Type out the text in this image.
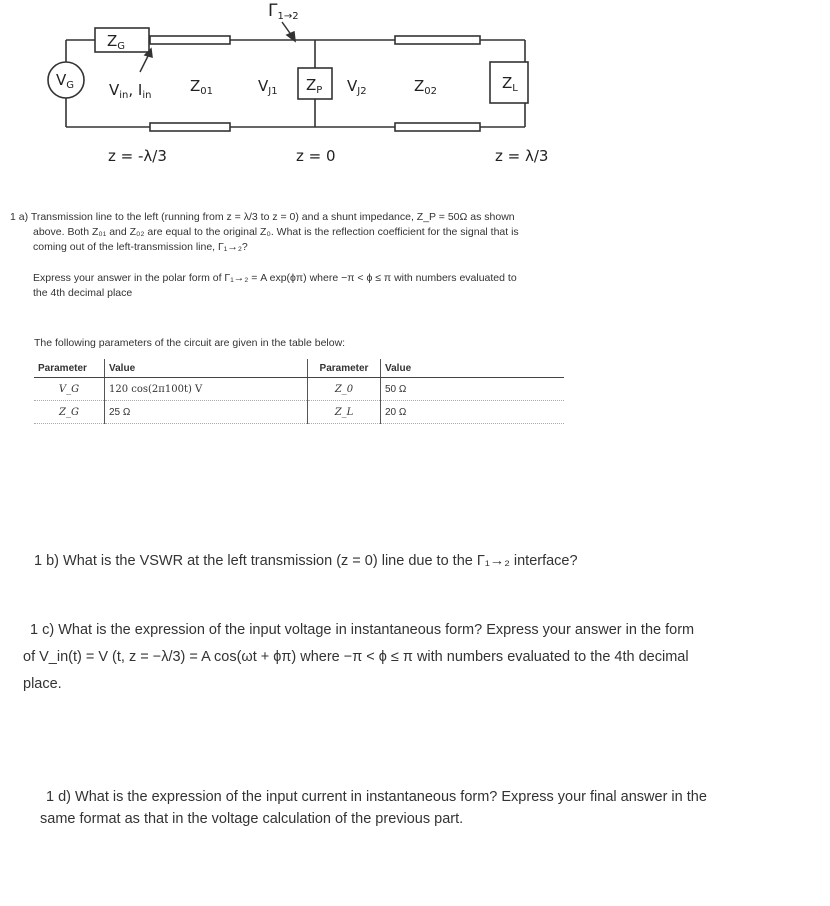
$\Gamma_{1\to 2}$
$V_G$
$Z_G$
$V_{in}$, $I_{in}$
$Z_{01}$	$V_{J1}$ $Z_P$ $V_{J2}$	$Z_{02}$	$Z_L$
z = -λ/3	z = 0	z = λ/3
1 a) Transmission line to the left (running from z = λ/3 to z = 0) and a shunt impedance, Z_P = 50Ω as shown
above. Both Z₀₁ and Z₀₂ are equal to the original Z₀. What is the reflection coefficient for the signal that is
coming out of the left-transmission line, Γ₁→₂?
Express your answer in the polar form of Γ₁→₂ = A exp(ϕπ) where −π < ϕ ≤ π with numbers evaluated to
the 4th decimal place
The following parameters of the circuit are given in the table below:
Parameter	Value	Parameter	Value
V_G	120 cos(2π100t) V	Z_0	50 Ω
Z_G	25 Ω	Z_L	20 Ω
1 b) What is the VSWR at the left transmission (z = 0) line due to the Γ₁→₂ interface?
1 c) What is the expression of the input voltage in instantaneous form? Express your answer in the form
of V_in(t) = V (t, z = −λ/3) = A cos(ωt + ϕπ) where −π < ϕ ≤ π with numbers evaluated to the 4th decimal
place.
1 d) What is the expression of the input current in instantaneous form? Express your final answer in the
same format as that in the voltage calculation of the previous part.
